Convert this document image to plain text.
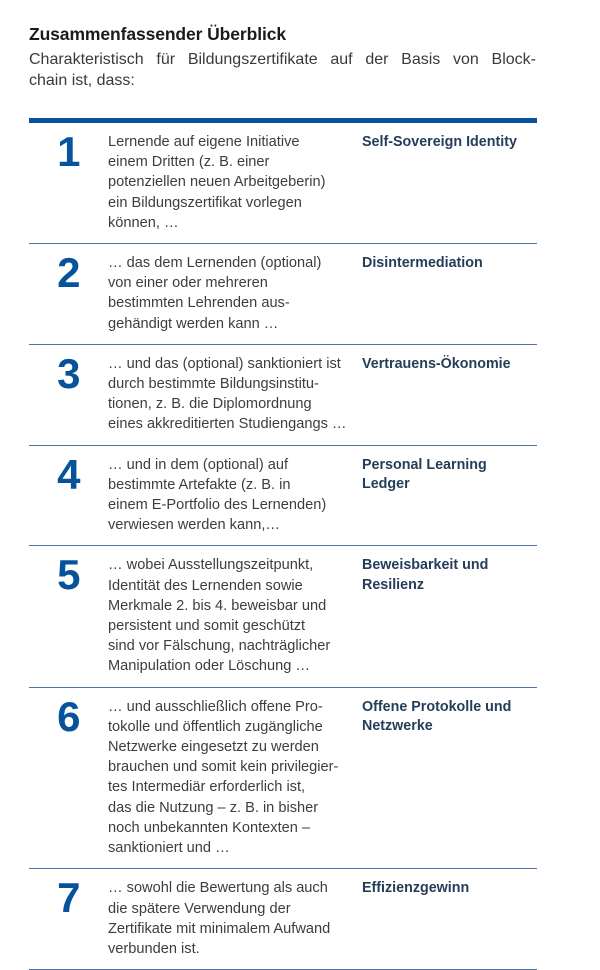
Zusammenfassender Überblick

Charakteristisch für Bildungszertifikate auf der Basis von Block-
chain ist, dass:

1 Lernende auf eigene Initiative
einem Dritten (z. B. einer
potenziellen neuen Arbeitgeberin)
ein Bildungszertifikat vorlegen
können, …
Self-Sovereign Identity
2 … das dem Lernenden (optional)
von einer oder mehreren
bestimmten Lehrenden aus-
gehändigt werden kann …
Disintermediation
3 … und das (optional) sanktioniert ist
durch bestimmte Bildungsinstitu-
tionen, z. B. die Diplomordnung
eines akkreditierten Studiengangs …
Vertrauens-Ökonomie
4 … und in dem (optional) auf
bestimmte Artefakte (z. B. in
einem E-Portfolio des Lernenden)
verwiesen werden kann,…
Personal Learning
Ledger
5 … wobei Ausstellungszeitpunkt,
Identität des Lernenden sowie
Merkmale 2. bis 4. beweisbar und
persistent und somit geschützt
sind vor Fälschung, nachträglicher
Manipulation oder Löschung …
Beweisbarkeit und
Resilienz
6 … und ausschließlich offene Pro-
tokolle und öffentlich zugängliche
Netzwerke eingesetzt zu werden
brauchen und somit kein privilegier-
tes Intermediär erforderlich ist,
das die Nutzung – z. B. in bisher
noch unbekannten Kontexten –
sanktioniert und …
Offene Protokolle und
Netzwerke
7 … sowohl die Bewertung als auch
die spätere Verwendung der
Zertifikate mit minimalem Aufwand
verbunden ist.
Effizienzgewinn
